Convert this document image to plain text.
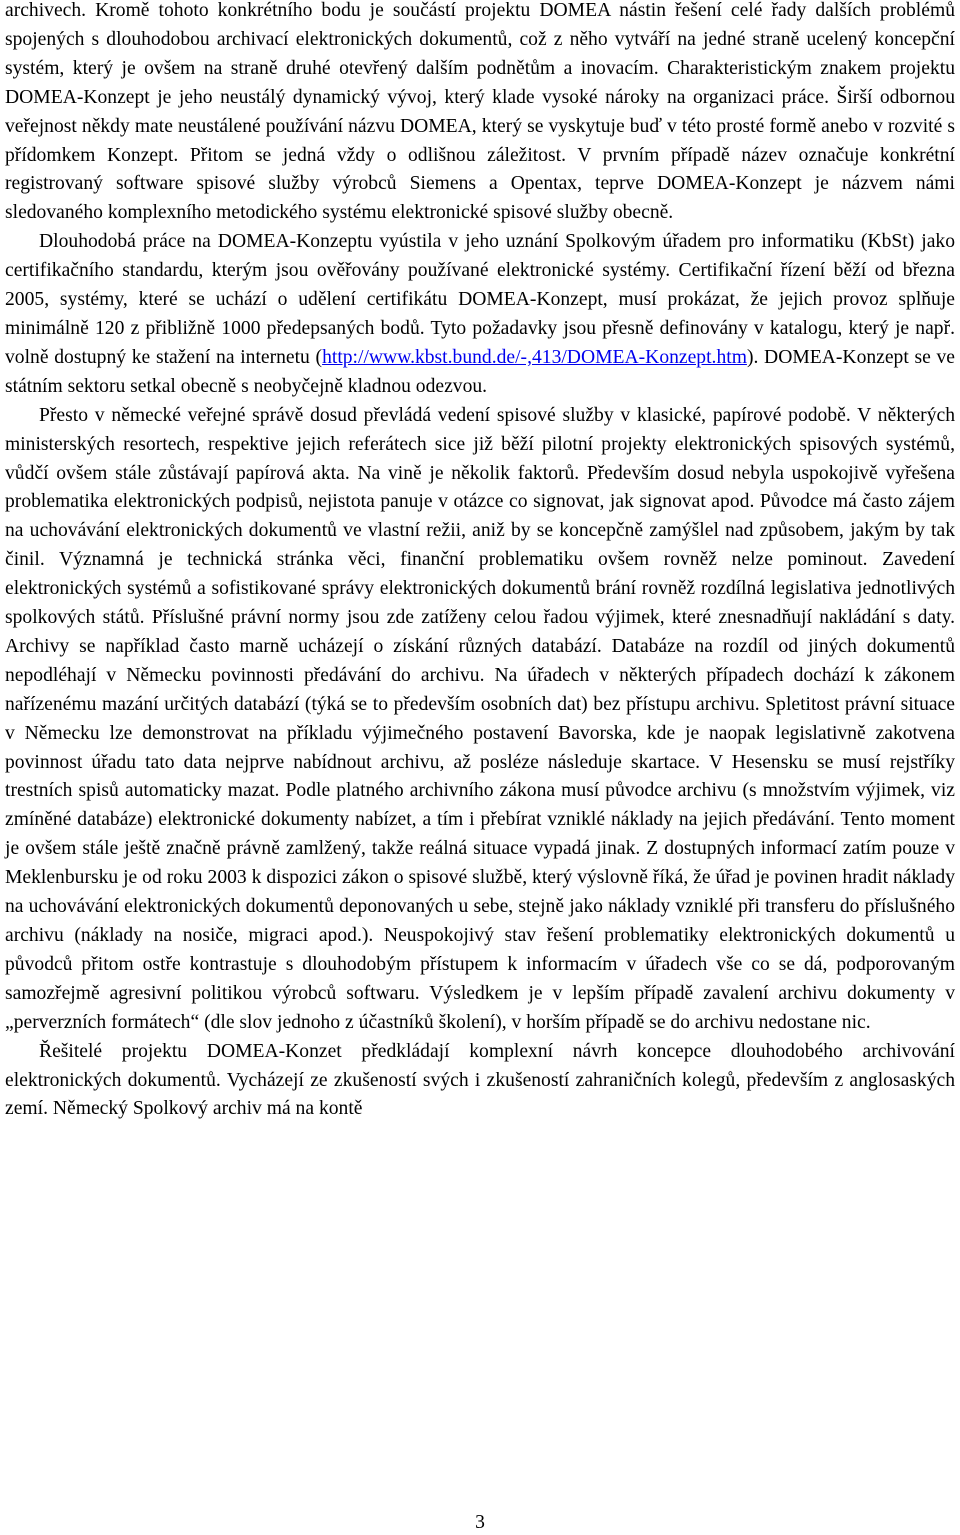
archivech. Kromě tohoto konkrétního bodu je součástí projektu DOMEA nástin řešení celé řady dalších problémů spojených s dlouhodobou archivací elektronických dokumentů, což z něho vytváří na jedné straně ucelený koncepční systém, který je ovšem na straně druhé otevřený dalším podnětům a inovacím. Charakteristickým znakem projektu DOMEA-Konzept je jeho neustálý dynamický vývoj, který klade vysoké nároky na organizaci práce. Širší odbornou veřejnost někdy mate neustálené používání názvu DOMEA, který se vyskytuje buď v této prosté formě anebo v rozvité s přídomkem Konzept. Přitom se jedná vždy o odlišnou záležitost. V prvním případě název označuje konkrétní registrovaný software spisové služby výrobců Siemens a Opentax, teprve DOMEA-Konzept je názvem námi sledovaného komplexního metodického systému elektronické spisové služby obecně.

Dlouhodobá práce na DOMEA-Konzeptu vyústila v jeho uznání Spolkovým úřadem pro informatiku (KbSt) jako certifikačního standardu, kterým jsou ověřovány používané elektronické systémy. Certifikační řízení běží od března 2005, systémy, které se uchází o udělení certifikátu DOMEA-Konzept, musí prokázat, že jejich provoz splňuje minimálně 120 z přibližně 1000 předepsaných bodů. Tyto požadavky jsou přesně definovány v katalogu, který je např. volně dostupný ke stažení na internetu (http://www.kbst.bund.de/-,413/DOMEA-Konzept.htm). DOMEA-Konzept se ve státním sektoru setkal obecně s neobyčejně kladnou odezvou.

Přesto v německé veřejné správě dosud převládá vedení spisové služby v klasické, papírové podobě. V některých ministerských resortech, respektive jejich referátech sice již běží pilotní projekty elektronických spisových systémů, vůdčí ovšem stále zůstávají papírová akta. Na vině je několik faktorů. Především dosud nebyla uspokojivě vyřešena problematika elektronických podpisů, nejistota panuje v otázce co signovat, jak signovat apod. Původce má často zájem na uchovávání elektronických dokumentů ve vlastní režii, aniž by se koncepčně zamýšlel nad způsobem, jakým by tak činil. Významná je technická stránka věci, finanční problematiku ovšem rovněž nelze pominout. Zavedení elektronických systémů a sofistikované správy elektronických dokumentů brání rovněž rozdílná legislativa jednotlivých spolkových států. Příslušné právní normy jsou zde zatíženy celou řadou výjimek, které znesnadňují nakládání s daty. Archivy se například často marně ucházejí o získání různých databází. Databáze na rozdíl od jiných dokumentů nepodléhají v Německu povinnosti předávání do archivu. Na úřadech v některých případech dochází k zákonem nařízenému mazání určitých databází (týká se to především osobních dat) bez přístupu archivu. Spletitost právní situace v Německu lze demonstrovat na příkladu výjimečného postavení Bavorska, kde je naopak legislativně zakotvena povinnost úřadu tato data nejprve nabídnout archivu, až posléze následuje skartace. V Hesensku se musí rejstříky trestních spisů automaticky mazat. Podle platného archivního zákona musí původce archivu (s množstvím výjimek, viz zmíněné databáze) elektronické dokumenty nabízet, a tím i přebírat vzniklé náklady na jejich předávání. Tento moment je ovšem stále ještě značně právně zamlžený, takže reálná situace vypadá jinak. Z dostupných informací zatím pouze v Meklenbursku je od roku 2003 k dispozici zákon o spisové službě, který výslovně říká, že úřad je povinen hradit náklady na uchovávání elektronických dokumentů deponovaných u sebe, stejně jako náklady vzniklé při transferu do příslušného archivu (náklady na nosiče, migraci apod.). Neuspokojivý stav řešení problematiky elektronických dokumentů u původců přitom ostře kontrastuje s dlouhodobým přístupem k informacím v úřadech vše co se dá, podporovaným samozřejmě agresivní politikou výrobců softwaru. Výsledkem je v lepším případě zavalení archivu dokumenty v „perverzních formátech“ (dle slov jednoho z účastníků školení), v horším případě se do archivu nedostane nic.

Řešitelé projektu DOMEA-Konzet předkládají komplexní návrh koncepce dlouhodobého archivování elektronických dokumentů. Vycházejí ze zkušeností svých i zkušeností zahraničních kolegů, především z anglosaských zemí. Německý Spolkový archiv má na kontě

3
